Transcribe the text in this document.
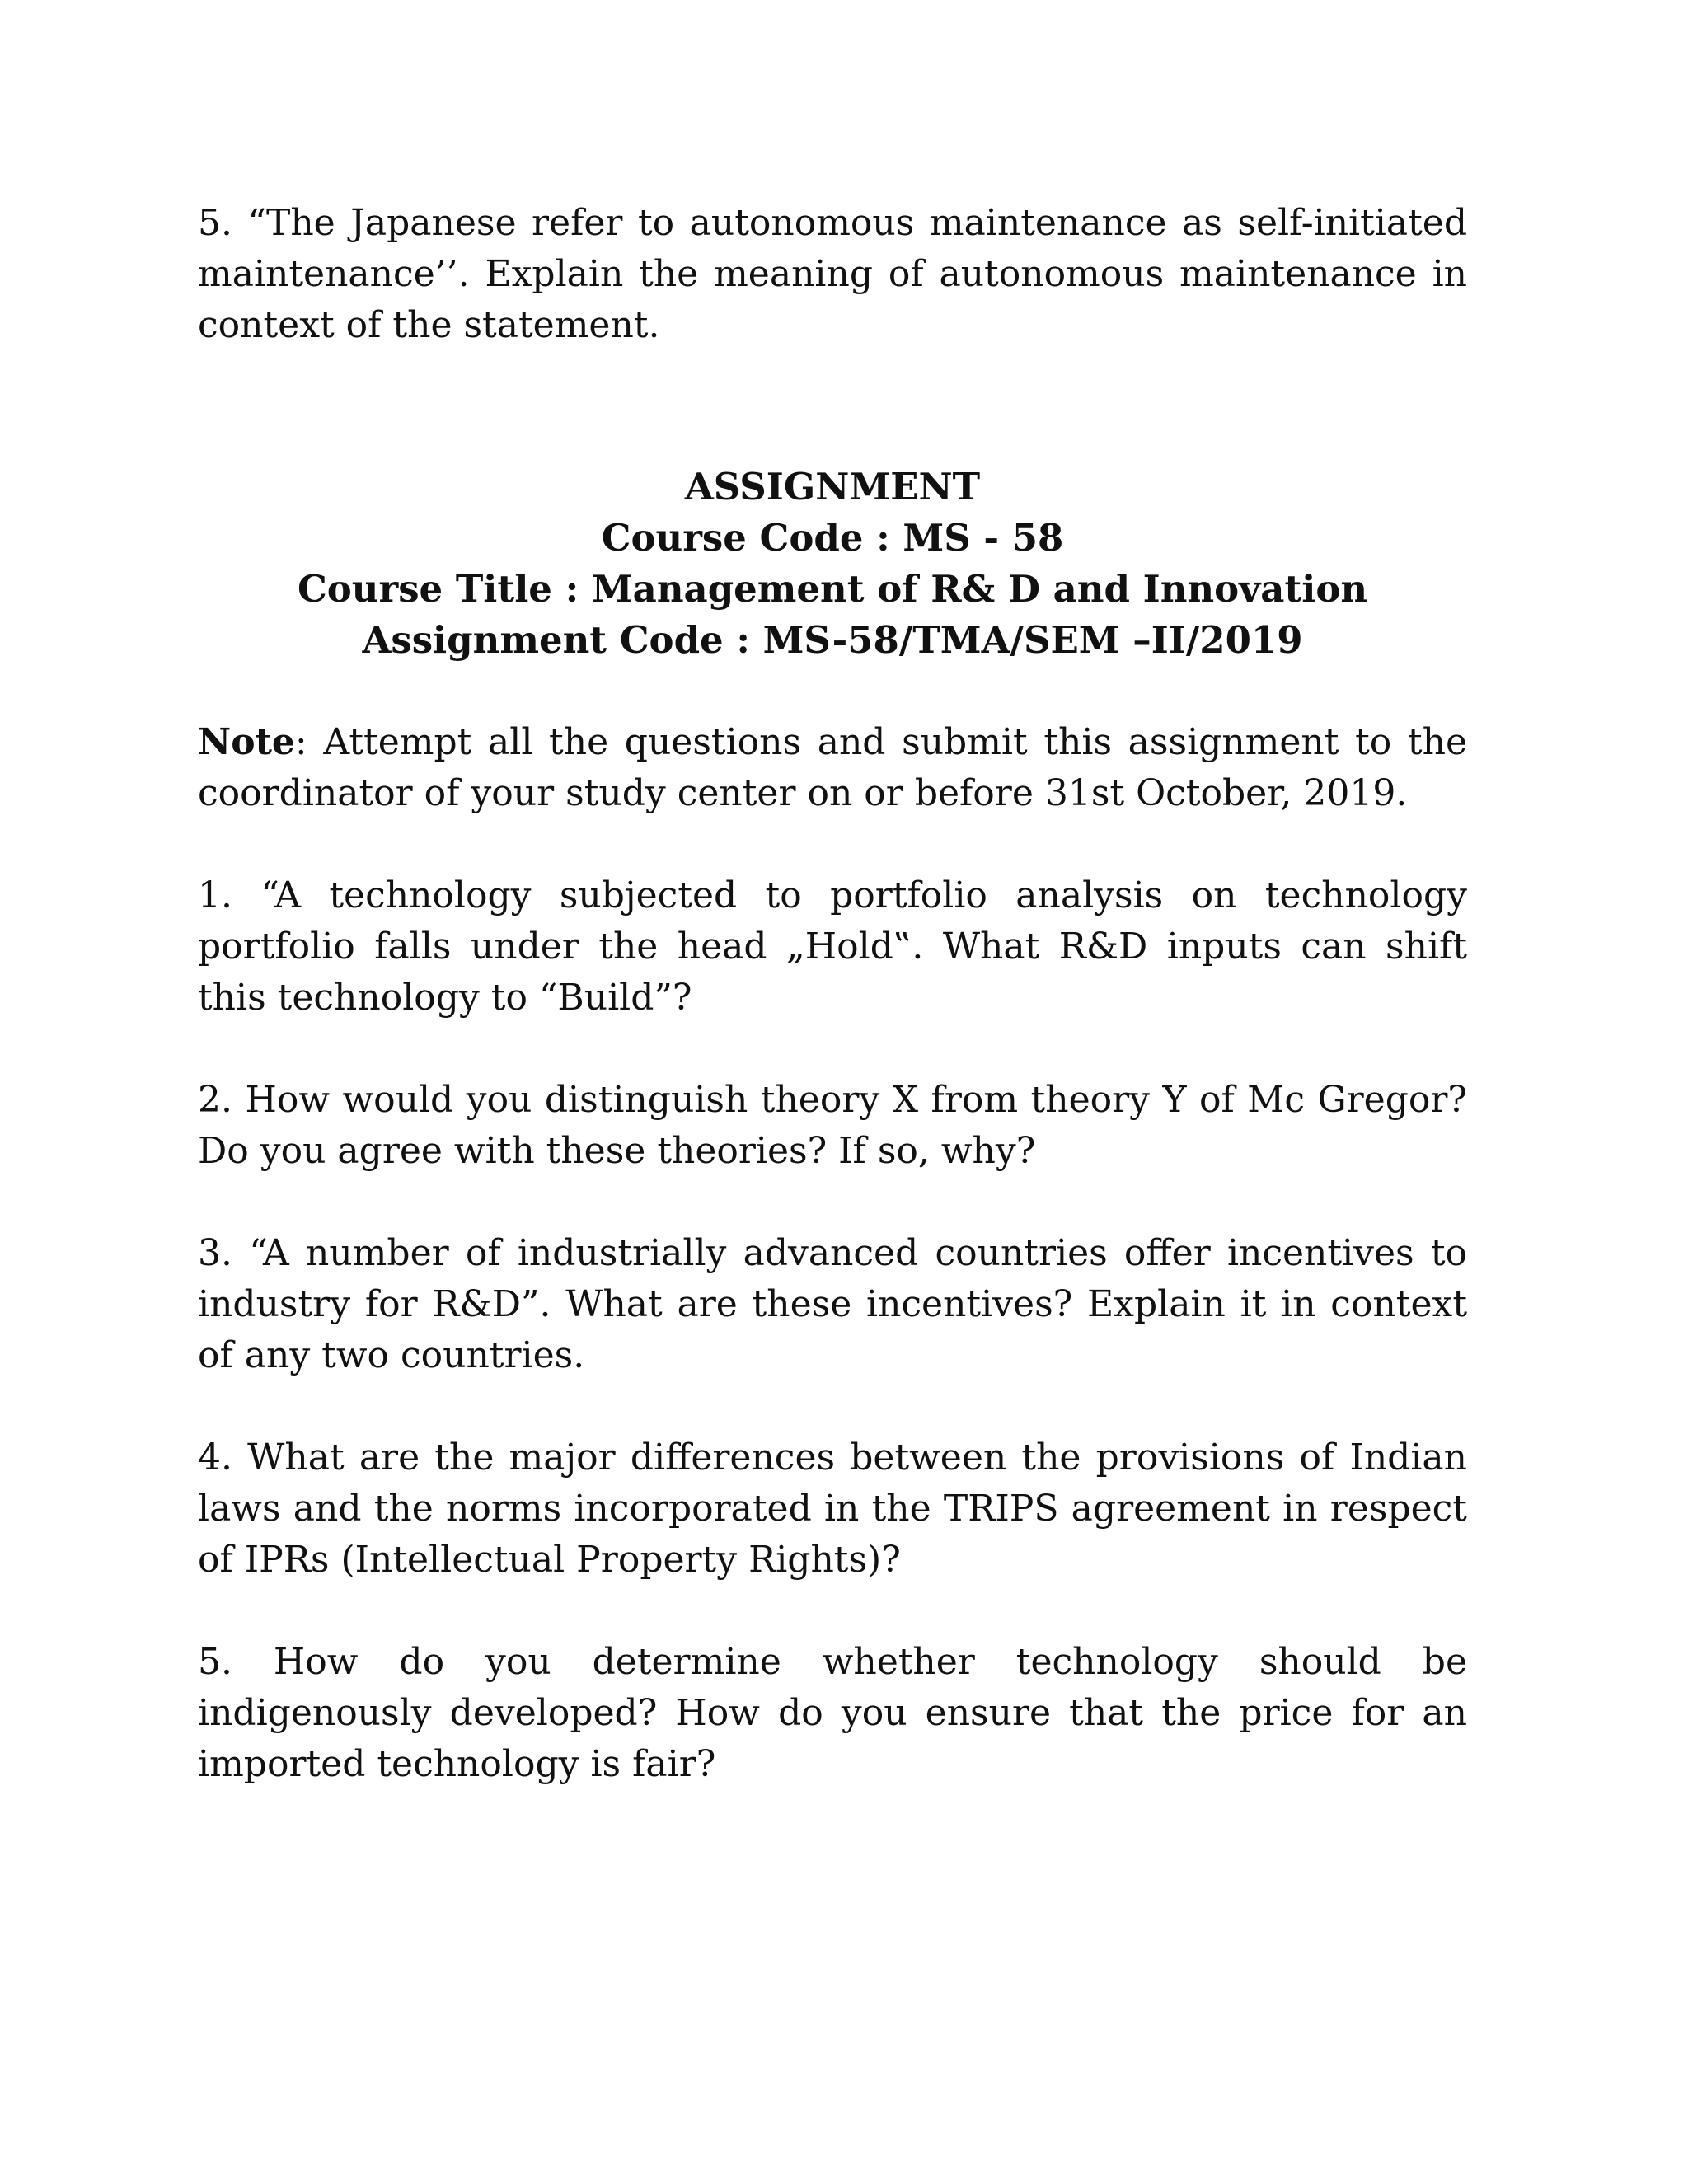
5. “The Japanese refer to autonomous maintenance as self-initiated maintenance’’. Explain the meaning of autonomous maintenance in context of the statement.

ASSIGNMENT
Course Code : MS - 58
Course Title : Management of R& D and Innovation
Assignment Code : MS-58/TMA/SEM –II/2019

Note: Attempt all the questions and submit this assignment to the coordinator of your study center on or before 31st October, 2019.

1. “A technology subjected to portfolio analysis on technology portfolio falls under the head „Hold‟. What R&D inputs can shift this technology to “Build”?

2. How would you distinguish theory X from theory Y of Mc Gregor? Do you agree with these theories? If so, why?

3. “A number of industrially advanced countries offer incentives to industry for R&D”. What are these incentives? Explain it in context of any two countries.

4. What are the major differences between the provisions of Indian laws and the norms incorporated in the TRIPS agreement in respect of IPRs (Intellectual Property Rights)?

5. How do you determine whether technology should be indigenously developed? How do you ensure that the price for an imported technology is fair?
